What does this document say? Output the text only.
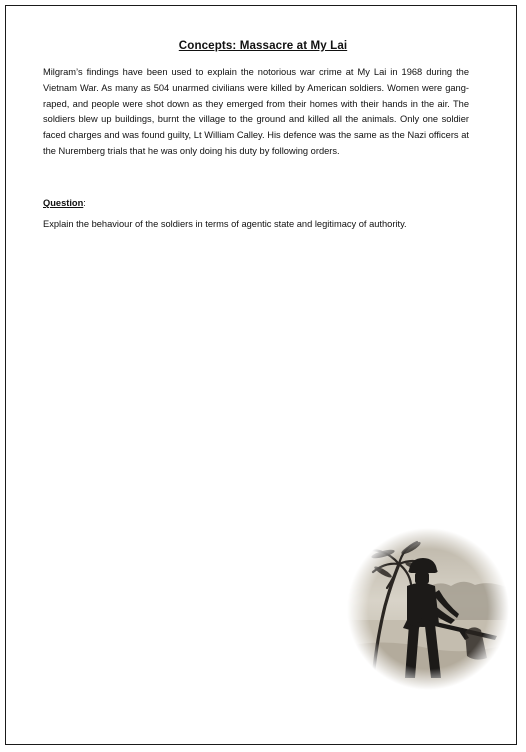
Concepts: Massacre at My Lai

Milgram’s findings have been used to explain the notorious war crime at My Lai in 1968 during the Vietnam War. As many as 504 unarmed civilians were killed by American soldiers. Women were gang-raped, and people were shot down as they emerged from their homes with their hands in the air. The soldiers blew up buildings, burnt the village to the ground and killed all the animals. Only one soldier faced charges and was found guilty, Lt William Calley. His defence was the same as the Nazi officers at the Nuremberg trials that he was only doing his duty by following orders.

Question:

Explain the behaviour of the soldiers in terms of agentic state and legitimacy of authority.
